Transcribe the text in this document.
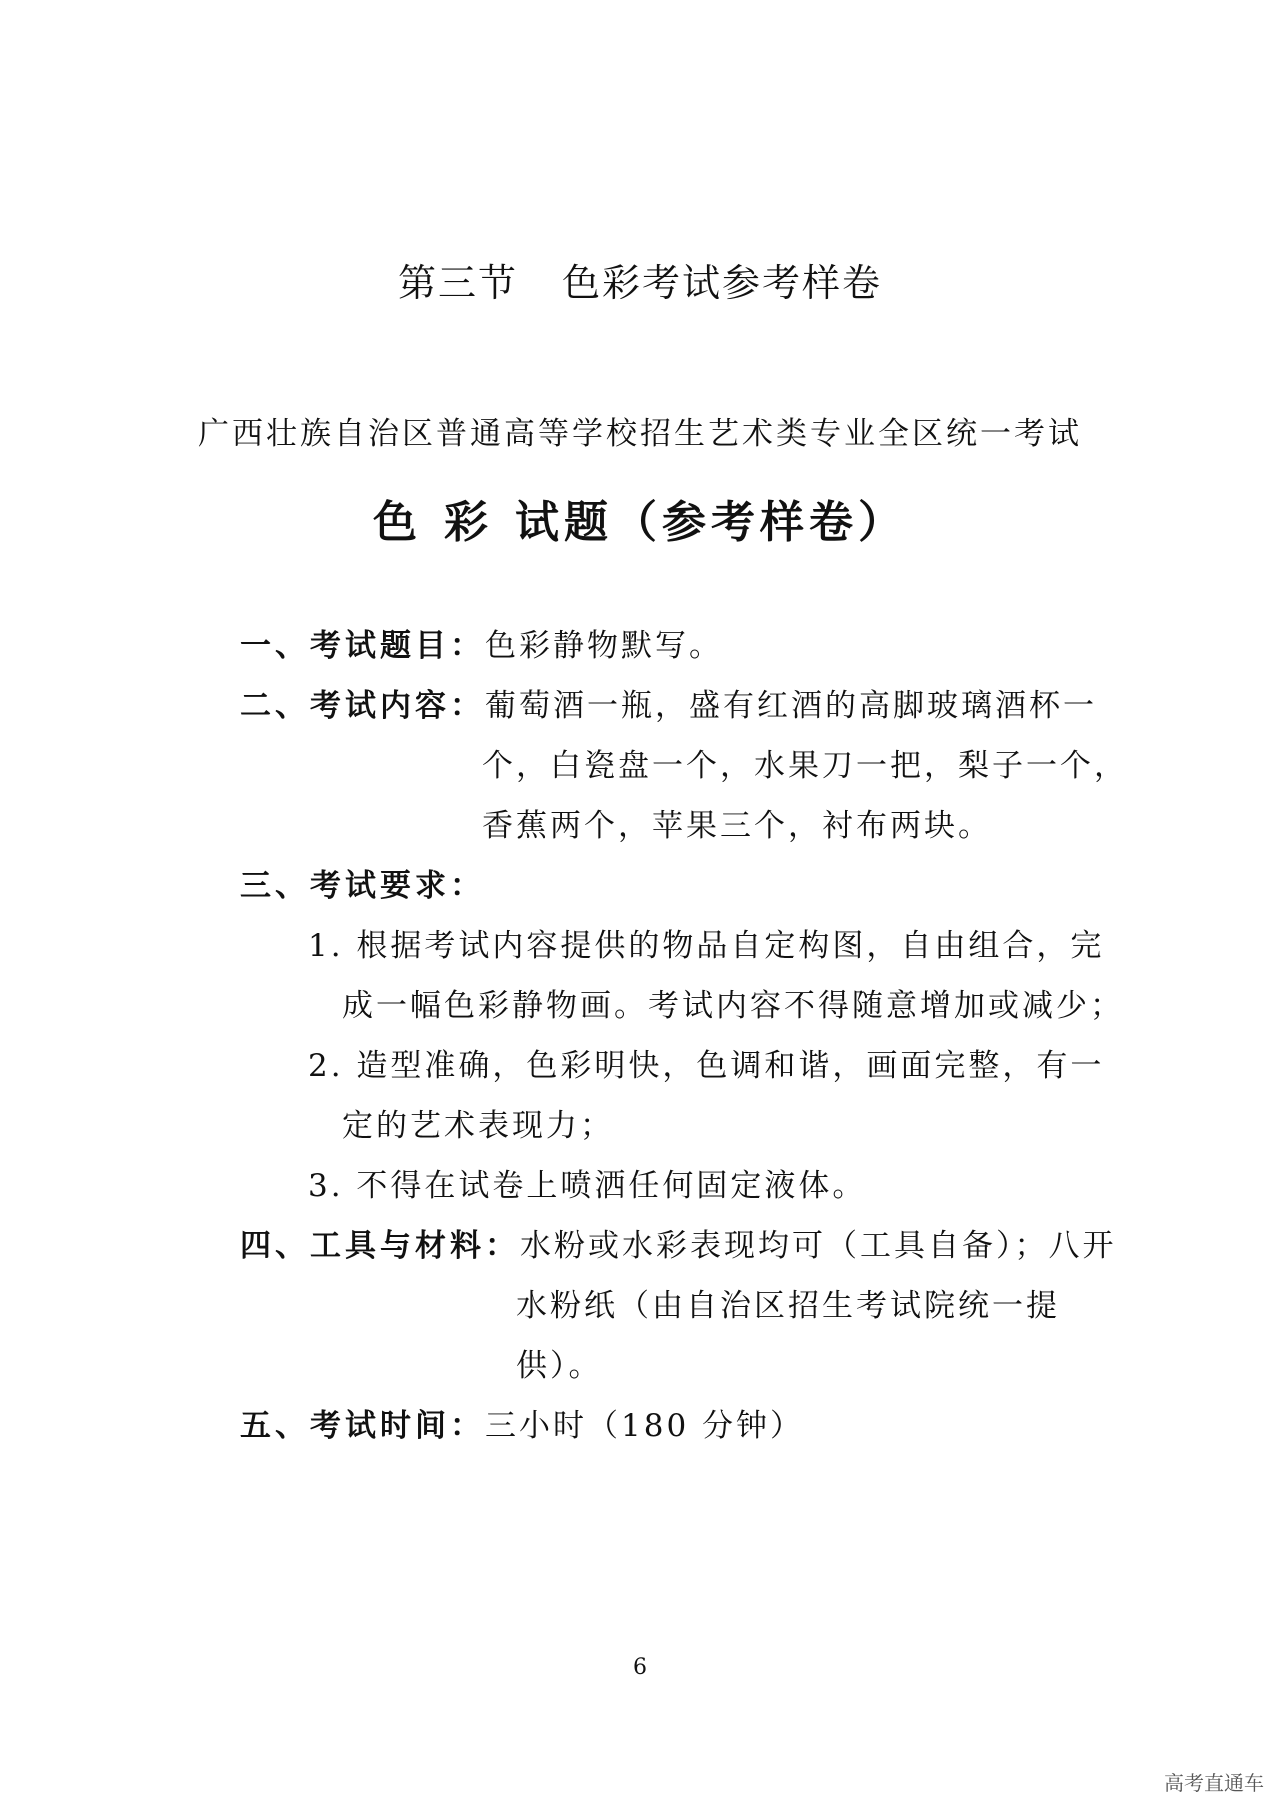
第三节 色彩考试参考样卷
广西壮族自治区普通高等学校招生艺术类专业全区统一考试
色 彩 试题（参考样卷）
一、考试题目：色彩静物默写。
二、考试内容：葡萄酒一瓶，盛有红酒的高脚玻璃酒杯一
个，白瓷盘一个，水果刀一把，梨子一个，
香蕉两个，苹果三个，衬布两块。
三、考试要求：
1. 根据考试内容提供的物品自定构图，自由组合，完
成一幅色彩静物画。考试内容不得随意增加或减少；
2. 造型准确，色彩明快，色调和谐，画面完整，有一
定的艺术表现力；
3. 不得在试卷上喷洒任何固定液体。
四、工具与材料：水粉或水彩表现均可（工具自备）；八开
水粉纸（由自治区招生考试院统一提
供）。
五、考试时间：三小时（180 分钟）
6
高考直通车
